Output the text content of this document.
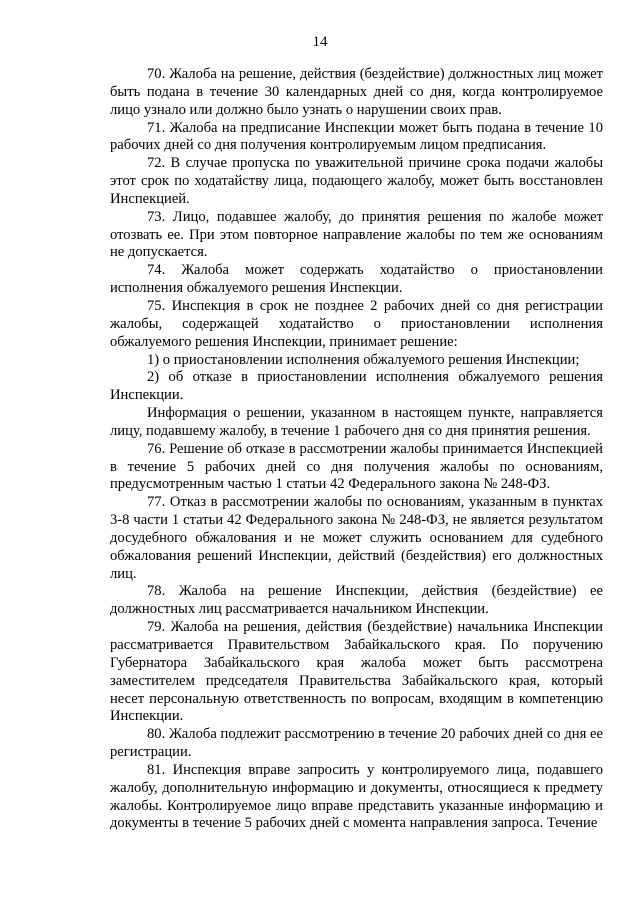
14

70. Жалоба на решение, действия (бездействие) должностных лиц может быть подана в течение 30 календарных дней со дня, когда контролируемое лицо узнало или должно было узнать о нарушении своих прав.

71. Жалоба на предписание Инспекции может быть подана в течение 10 рабочих дней со дня получения контролируемым лицом предписания.

72. В случае пропуска по уважительной причине срока подачи жалобы этот срок по ходатайству лица, подающего жалобу, может быть восстановлен Инспекцией.

73. Лицо, подавшее жалобу, до принятия решения по жалобе может отозвать ее. При этом повторное направление жалобы по тем же основаниям не допускается.

74. Жалоба может содержать ходатайство о приостановлении исполнения обжалуемого решения Инспекции.

75. Инспекция в срок не позднее 2 рабочих дней со дня регистрации жалобы, содержащей ходатайство о приостановлении исполнения обжалуемого решения Инспекции, принимает решение:

1) о приостановлении исполнения обжалуемого решения Инспекции;

2) об отказе в приостановлении исполнения обжалуемого решения Инспекции.

Информация о решении, указанном в настоящем пункте, направляется лицу, подавшему жалобу, в течение 1 рабочего дня со дня принятия решения.

76. Решение об отказе в рассмотрении жалобы принимается Инспекцией в течение 5 рабочих дней со дня получения жалобы по основаниям, предусмотренным частью 1 статьи 42 Федерального закона № 248-ФЗ.

77. Отказ в рассмотрении жалобы по основаниям, указанным в пунктах 3-8 части 1 статьи 42 Федерального закона № 248-ФЗ, не является результатом досудебного обжалования и не может служить основанием для судебного обжалования решений Инспекции, действий (бездействия) его должностных лиц.

78. Жалоба на решение Инспекции, действия (бездействие) ее должностных лиц рассматривается начальником Инспекции.

79. Жалоба на решения, действия (бездействие) начальника Инспекции рассматривается Правительством Забайкальского края. По поручению Губернатора Забайкальского края жалоба может быть рассмотрена заместителем председателя Правительства Забайкальского края, который несет персональную ответственность по вопросам, входящим в компетенцию Инспекции.

80. Жалоба подлежит рассмотрению в течение 20 рабочих дней со дня ее регистрации.

81. Инспекция вправе запросить у контролируемого лица, подавшего жалобу, дополнительную информацию и документы, относящиеся к предмету жалобы. Контролируемое лицо вправе представить указанные информацию и документы в течение 5 рабочих дней с момента направления запроса. Течение
